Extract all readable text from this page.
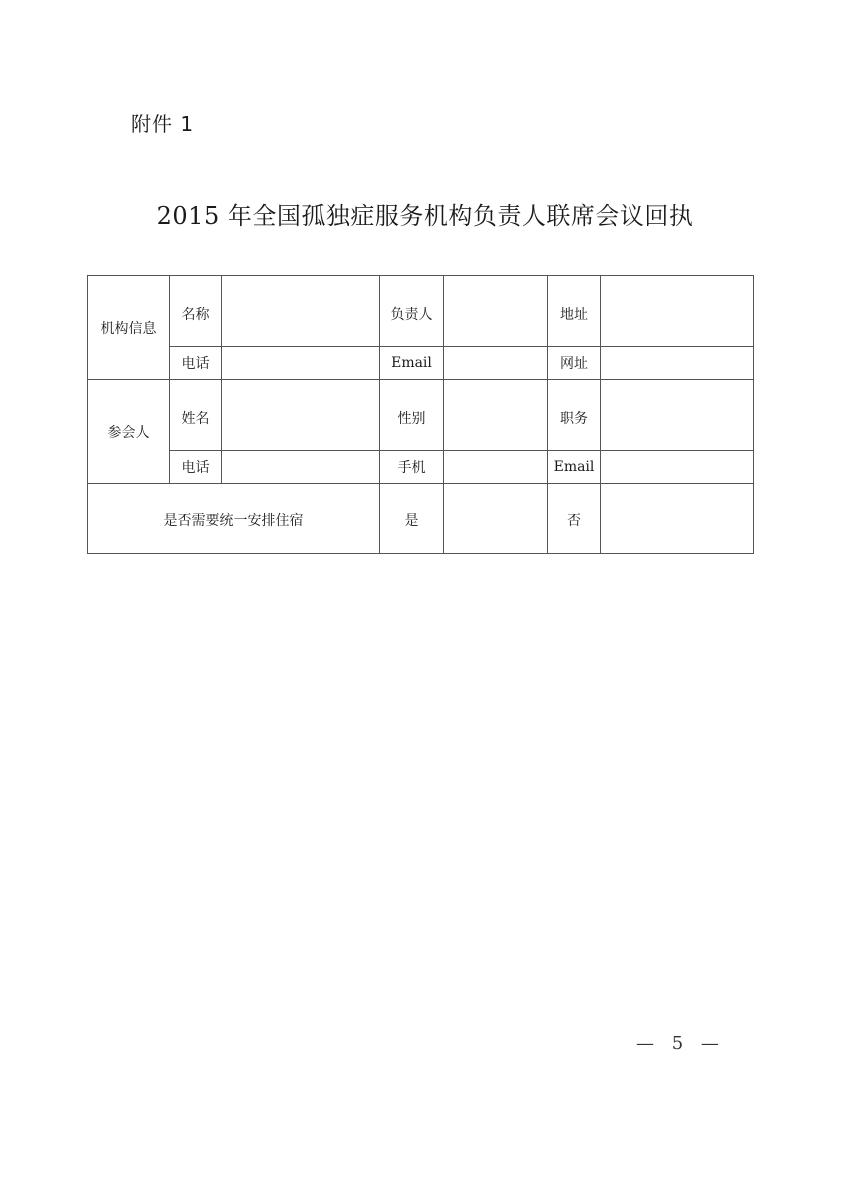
附件 1
2015 年全国孤独症服务机构负责人联席会议回执
机构信息	名称		负责人		地址	
	电话		Email		网址	
参会人	姓名		性别		职务	
	电话		手机		Email	
是否需要统一安排住宿			是		否	
— 5 —
